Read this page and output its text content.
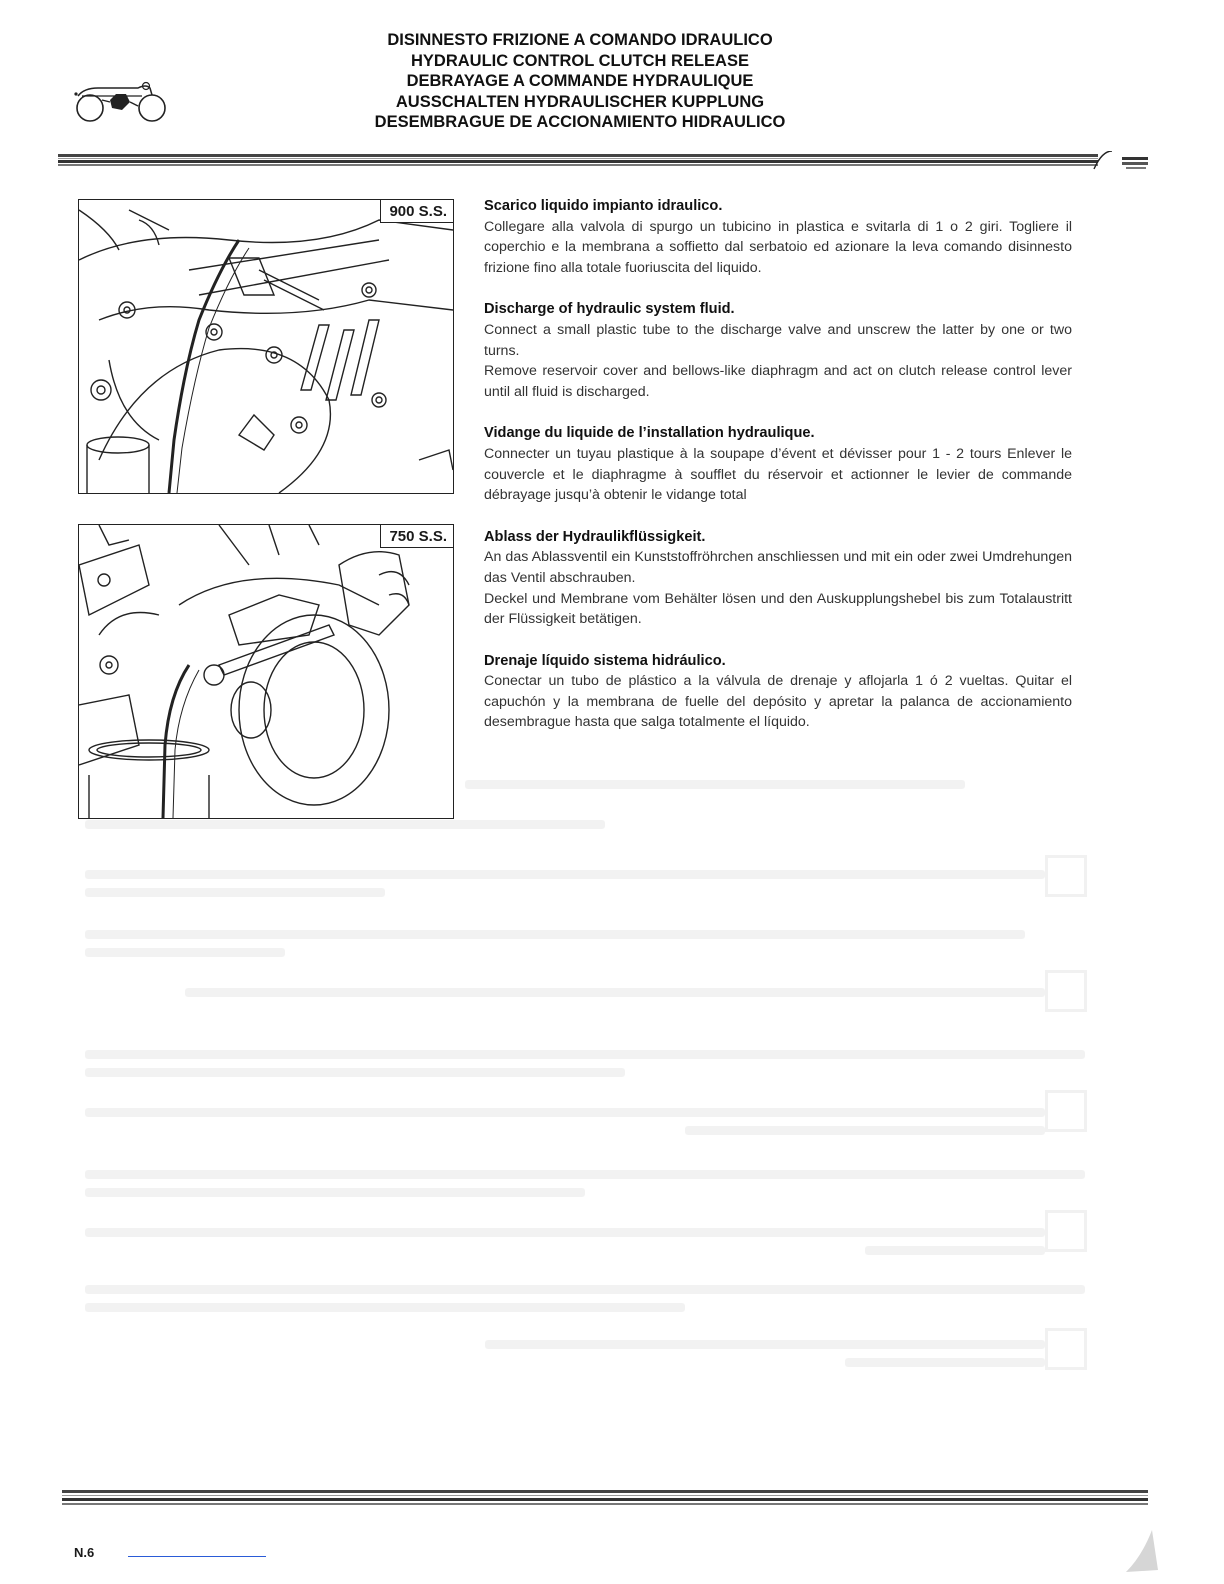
DISINNESTO FRIZIONE A COMANDO IDRAULICO
HYDRAULIC CONTROL CLUTCH RELEASE
DEBRAYAGE A COMMANDE HYDRAULIQUE
AUSSCHALTEN HYDRAULISCHER KUPPLUNG
DESEMBRAGUE DE ACCIONAMIENTO HIDRAULICO
900 S.S.
750 S.S.
Scarico liquido impianto idraulico.

Collegare alla valvola di spurgo un tubicino in plastica e svitarla di 1 o 2 giri. Togliere il coperchio e la membrana a soffietto dal serbatoio ed azionare la leva comando disinnesto frizione fino alla totale fuoriuscita del liquido.

Discharge of hydraulic system fluid.

Connect a small plastic tube to the discharge valve and unscrew the latter by one or two turns.

Remove reservoir cover and bellows-like diaphragm and act on clutch release control lever until all fluid is discharged.

Vidange du liquide de l’installation hydraulique.

Connecter un tuyau plastique à la soupape d’évent et dévisser pour 1 - 2 tours Enlever le couvercle et le diaphragme à soufflet du réservoir et actionner le levier de commande débrayage jusqu’à obtenir le vidange total

Ablass der Hydraulikflüssigkeit.

An das Ablassventil ein Kunststoffröhrchen anschliessen und mit ein oder zwei Umdrehungen das Ventil abschrauben.

Deckel und Membrane vom Behälter lösen und den Auskupplungshebel bis zum Totalaustritt der Flüssigkeit betätigen.

Drenaje líquido sistema hidráulico.

Conectar un tubo de plástico a la válvula de drenaje y aflojarla 1 ó 2 vueltas. Quitar el capuchón y la membrana de fuelle del depósito y apretar la palanca de accionamiento desembrague hasta que salga totalmente el líquido.

N.6
